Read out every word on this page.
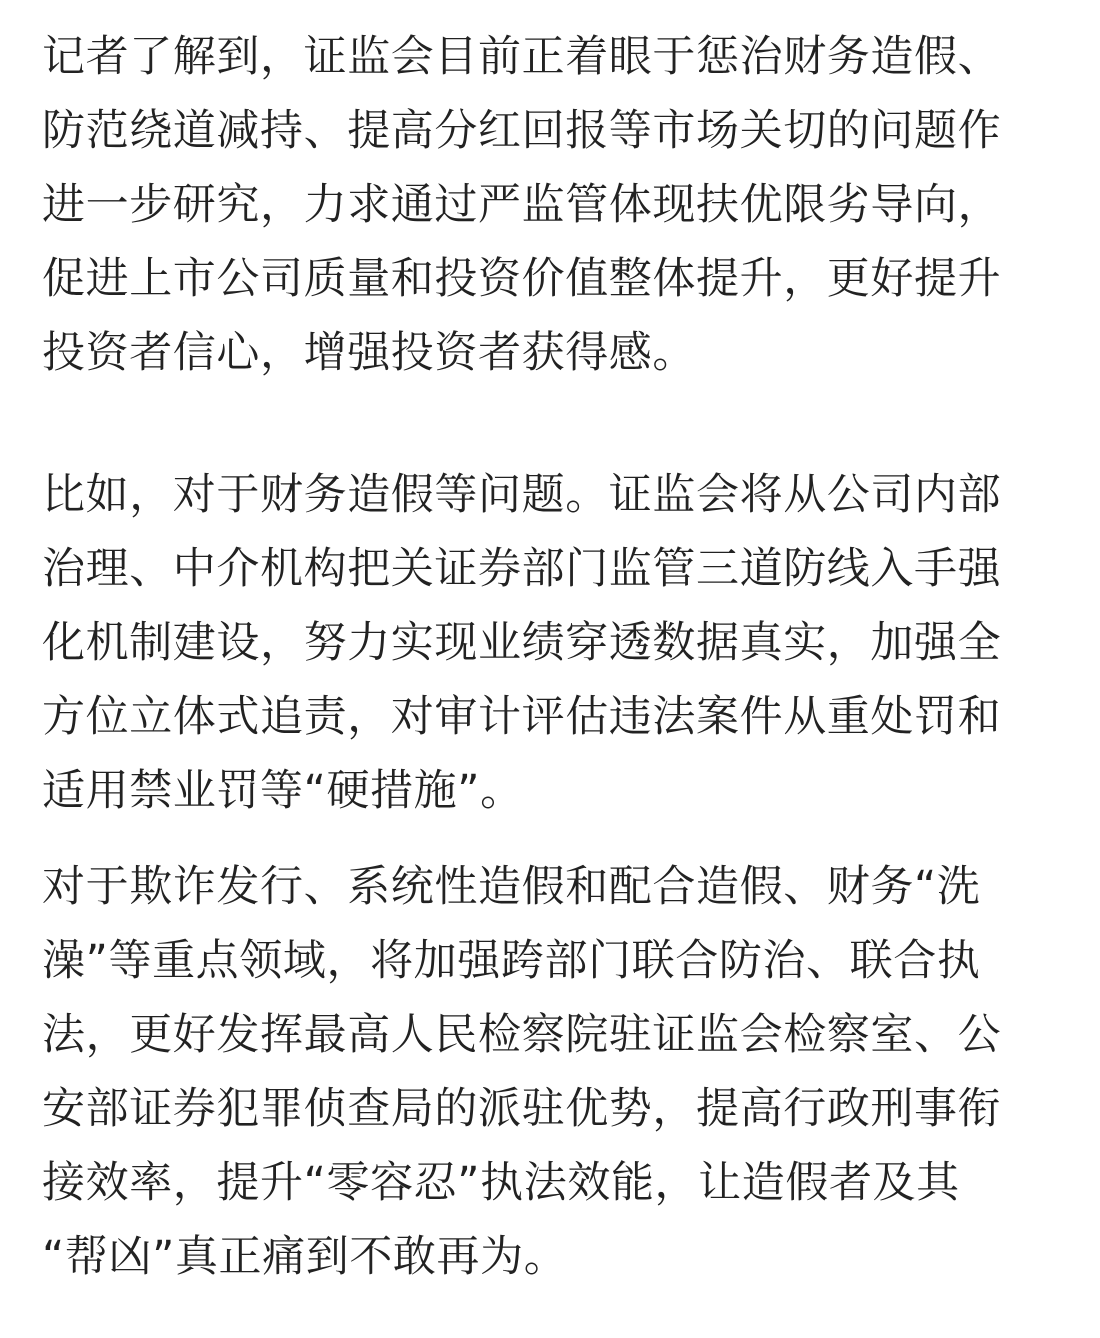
记者了解到，证监会目前正着眼于惩治财务造假、
防范绕道减持、提高分红回报等市场关切的问题作
进一步研究，力求通过严监管体现扶优限劣导向，
促进上市公司质量和投资价值整体提升，更好提升
投资者信心，增强投资者获得感。
比如，对于财务造假等问题。证监会将从公司内部
治理、中介机构把关证券部门监管三道防线入手强
化机制建设，努力实现业绩穿透数据真实，加强全
方位立体式追责，对审计评估违法案件从重处罚和
适用禁业罚等“硬措施”。
对于欺诈发行、系统性造假和配合造假、财务“洗
澡”等重点领域，将加强跨部门联合防治、联合执
法，更好发挥最高人民检察院驻证监会检察室、公
安部证券犯罪侦查局的派驻优势，提高行政刑事衔
接效率，提升“零容忍”执法效能，让造假者及其
“帮凶”真正痛到不敢再为。
